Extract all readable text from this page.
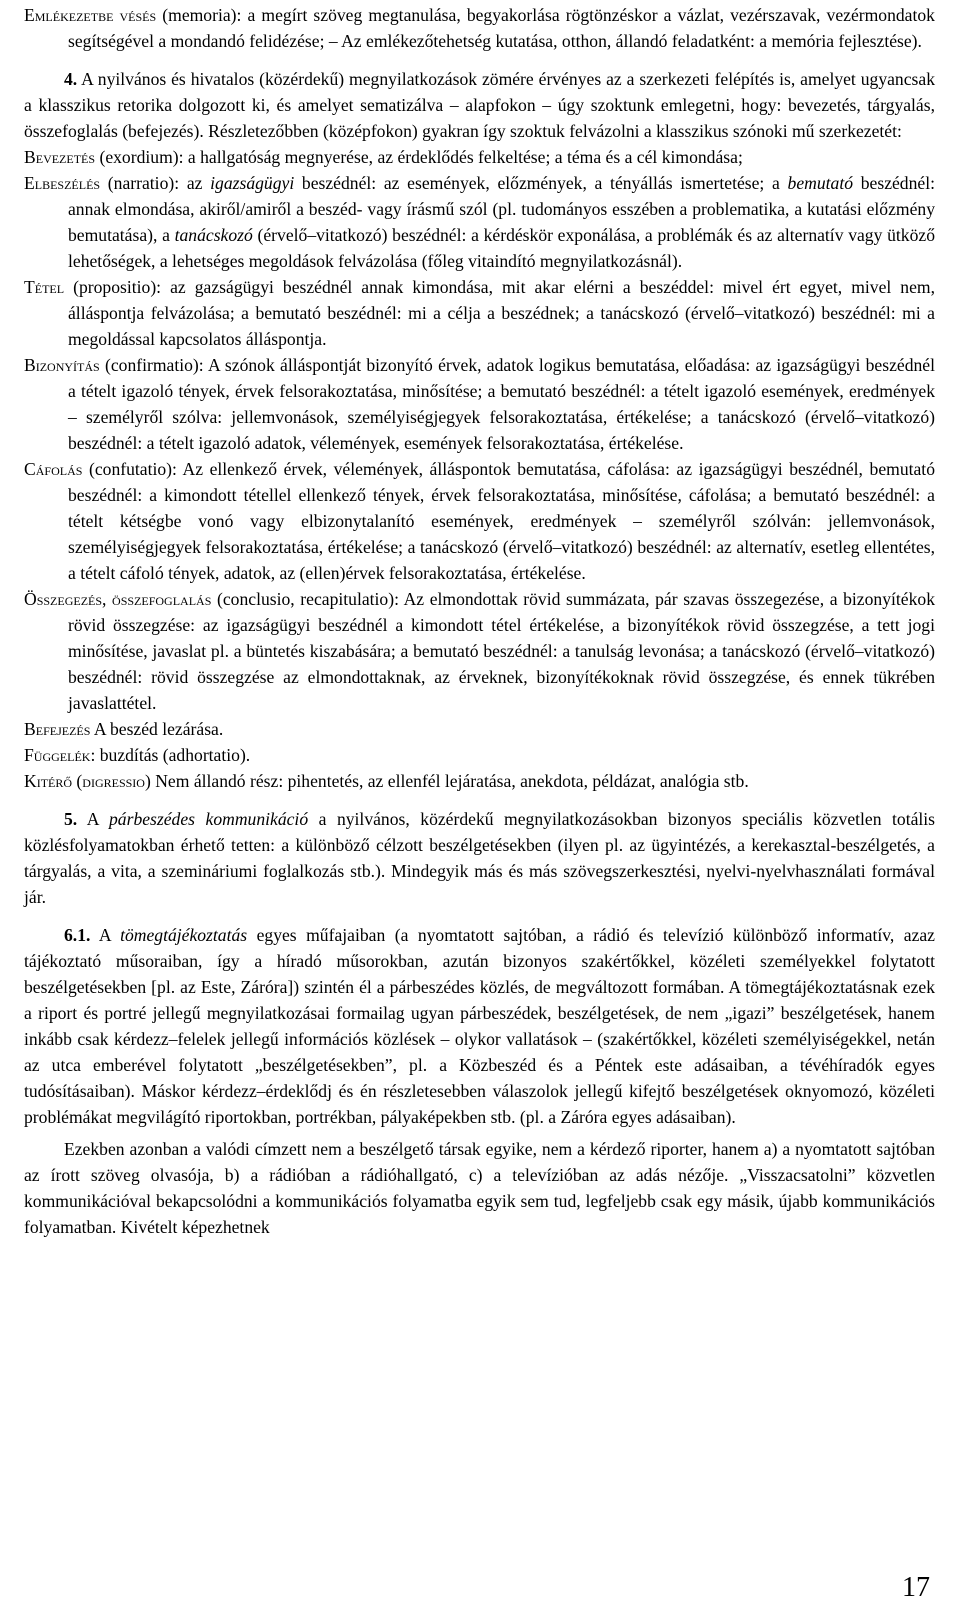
Emlékezetbe vésés (memoria): a megírt szöveg megtanulása, begyakorlása rögtönzéskor a vázlat, vezérszavak, vezérmondatok segítségével a mondandó felidézése; – Az emlékezőtehetség kutatása, otthon, állandó feladatként: a memória fejlesztése).

4. A nyilvános és hivatalos (közérdekű) megnyilatkozások zömére érvényes az a szerkezeti felépítés is, amelyet ugyancsak a klasszikus retorika dolgozott ki, és amelyet sematizálva – alapfokon – úgy szoktunk emlegetni, hogy: bevezetés, tárgyalás, összefoglalás (befejezés). Részletezőbben (középfokon) gyakran így szoktuk felvázolni a klasszikus szónoki mű szerkezetét:

Bevezetés (exordium): a hallgatóság megnyerése, az érdeklődés felkeltése; a téma és a cél kimondása;

Elbeszélés (narratio): az igazságügyi beszédnél: az események, előzmények, a tényállás ismertetése; a bemutató beszédnél: annak elmondása, akiről/amiről a beszéd- vagy írásmű szól (pl. tudományos esszében a problematika, a kutatási előzmény bemutatása), a tanácskozó (érvelő–vitatkozó) beszédnél: a kérdéskör exponálása, a problémák és az alternatív vagy ütköző lehetőségek, a lehetséges megoldások felvázolása (főleg vitaindító megnyilatkozásnál).

Tétel (propositio): az gazságügyi beszédnél annak kimondása, mit akar elérni a beszéddel: mivel ért egyet, mivel nem, álláspontja felvázolása; a bemutató beszédnél: mi a célja a beszédnek; a tanácskozó (érvelő–vitatkozó) beszédnél: mi a megoldással kapcsolatos álláspontja.

Bizonyítás (confirmatio): A szónok álláspontját bizonyító érvek, adatok logikus bemutatása, előadása: az igazságügyi beszédnél a tételt igazoló tények, érvek felsorakoztatása, minősítése; a bemutató beszédnél: a tételt igazoló események, eredmények – személyről szólva: jellemvonások, személyiségjegyek felsorakoztatása, értékelése; a tanácskozó (érvelő–vitatkozó) beszédnél: a tételt igazoló adatok, vélemények, események felsorakoztatása, értékelése.

Cáfolás (confutatio): Az ellenkező érvek, vélemények, álláspontok bemutatása, cáfolása: az igazságügyi beszédnél, bemutató beszédnél: a kimondott tétellel ellenkező tények, érvek felsorakoztatása, minősítése, cáfolása; a bemutató beszédnél: a tételt kétségbe vonó vagy elbizonytalanító események, eredmények – személyről szólván: jellemvonások, személyiségjegyek felsorakoztatása, értékelése; a tanácskozó (érvelő–vitatkozó) beszédnél: az alternatív, esetleg ellentétes, a tételt cáfoló tények, adatok, az (ellen)érvek felsorakoztatása, értékelése.

Összegezés, összefoglalás (conclusio, recapitulatio): Az elmondottak rövid summázata, pár szavas összegezése, a bizonyítékok rövid összegzése: az igazságügyi beszédnél a kimondott tétel értékelése, a bizonyítékok rövid összegzése, a tett jogi minősítése, javaslat pl. a büntetés kiszabására; a bemutató beszédnél: a tanulság levonása; a tanácskozó (érvelő–vitatkozó) beszédnél: rövid összegzése az elmondottaknak, az érveknek, bizonyítékoknak rövid összegzése, és ennek tükrében javaslattétel.

Befejezés A beszéd lezárása.

Függelék: buzdítás (adhortatio).

Kitérő (digressio) Nem állandó rész: pihentetés, az ellenfél lejáratása, anekdota, példázat, analógia stb.

5. A párbeszédes kommunikáció a nyilvános, közérdekű megnyilatkozásokban bizonyos speciális közvetlen totális közlésfolyamatokban érhető tetten: a különböző célzott beszélgetésekben (ilyen pl. az ügyintézés, a kerekasztal-beszélgetés, a tárgyalás, a vita, a szemináriumi foglalkozás stb.). Mindegyik más és más szövegszerkesztési, nyelvi-nyelvhasználati formával jár.

6.1. A tömegtájékoztatás egyes műfajaiban (a nyomtatott sajtóban, a rádió és televízió különböző informatív, azaz tájékoztató műsoraiban, így a híradó műsorokban, azután bizonyos szakértőkkel, közéleti személyekkel folytatott beszélgetésekben [pl. az Este, Záróra]) szintén él a párbeszédes közlés, de megváltozott formában. A tömegtájékoztatásnak ezek a riport és portré jellegű megnyilatkozásai formailag ugyan párbeszédek, beszélgetések, de nem „igazi” beszélgetések, hanem inkább csak kérdezz–felelek jellegű információs közlések – olykor vallatások – (szakértőkkel, közéleti személyiségekkel, netán az utca emberével folytatott „beszélgetésekben”, pl. a Közbeszéd és a Péntek este adásaiban, a tévéhíradók egyes tudósításaiban). Máskor kérdezz–érdeklődj és én részletesebben válaszolok jellegű kifejtő beszélgetések oknyomozó, közéleti problémákat megvilágító riportokban, portrékban, pályaképekben stb. (pl. a Zárórа egyes adásaiban).

Ezekben azonban a valódi címzett nem a beszélgető társak egyike, nem a kérdező riporter, hanem a) a nyomtatott sajtóban az írott szöveg olvasója, b) a rádióban a rádióhallgató, c) a televízióban az adás nézője. „Visszacsatolni” közvetlen kommunikációval bekapcsolódni a kommunikációs folyamatba egyik sem tud, legfeljebb csak egy másik, újabb kommunikációs folyamatban. Kivételt képezhetnek

17
